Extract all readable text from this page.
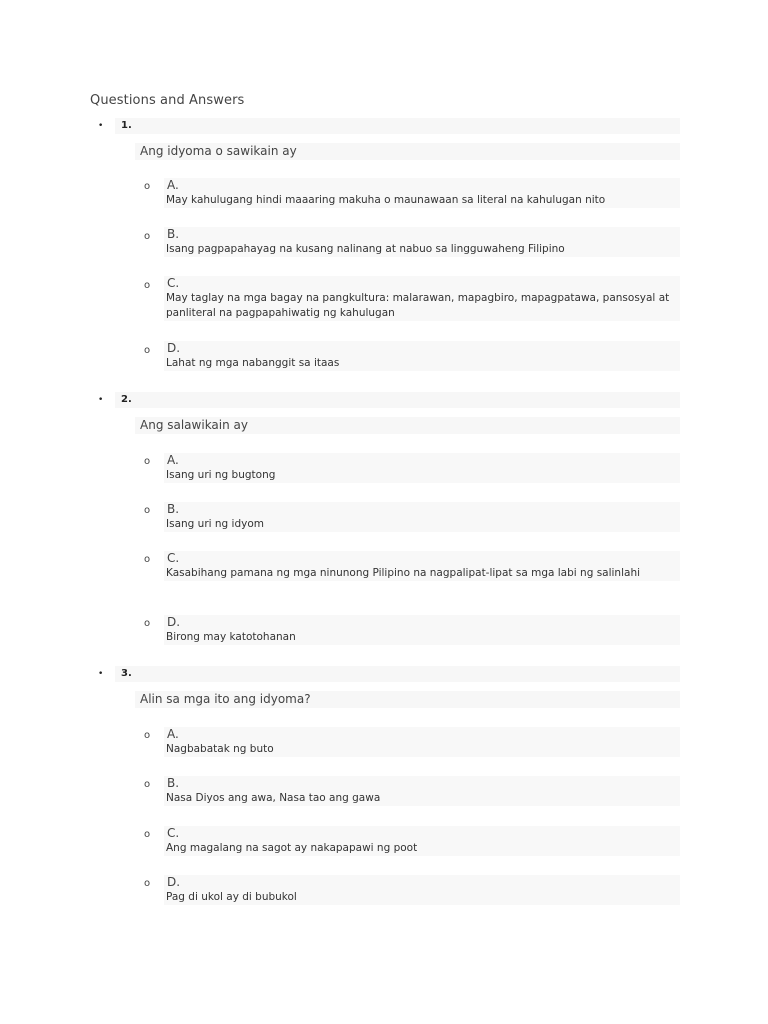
Questions and Answers
• 1.
Ang idyoma o sawikain ay
o A.
May kahulugang hindi maaaring makuha o maunawaan sa literal na kahulugan nito
o B.
Isang pagpapahayag na kusang nalinang at nabuo sa lingguwaheng Filipino
o C.
May taglay na mga bagay na pangkultura: malarawan, mapagbiro, mapagpatawa, pansosyal at panliteral na pagpapahiwatig ng kahulugan
o D.
Lahat ng mga nabanggit sa itaas
• 2.
Ang salawikain ay
o A.
Isang uri ng bugtong
o B.
Isang uri ng idyom
o C.
Kasabihang pamana ng mga ninunong Pilipino na nagpalipat-lipat sa mga labi ng salinlahi
o D.
Birong may katotohanan
• 3.
Alin sa mga ito ang idyoma?
o A.
Nagbabatak ng buto
o B.
Nasa Diyos ang awa, Nasa tao ang gawa
o C.
Ang magalang na sagot ay nakapapawi ng poot
o D.
Pag di ukol ay di bubukol
